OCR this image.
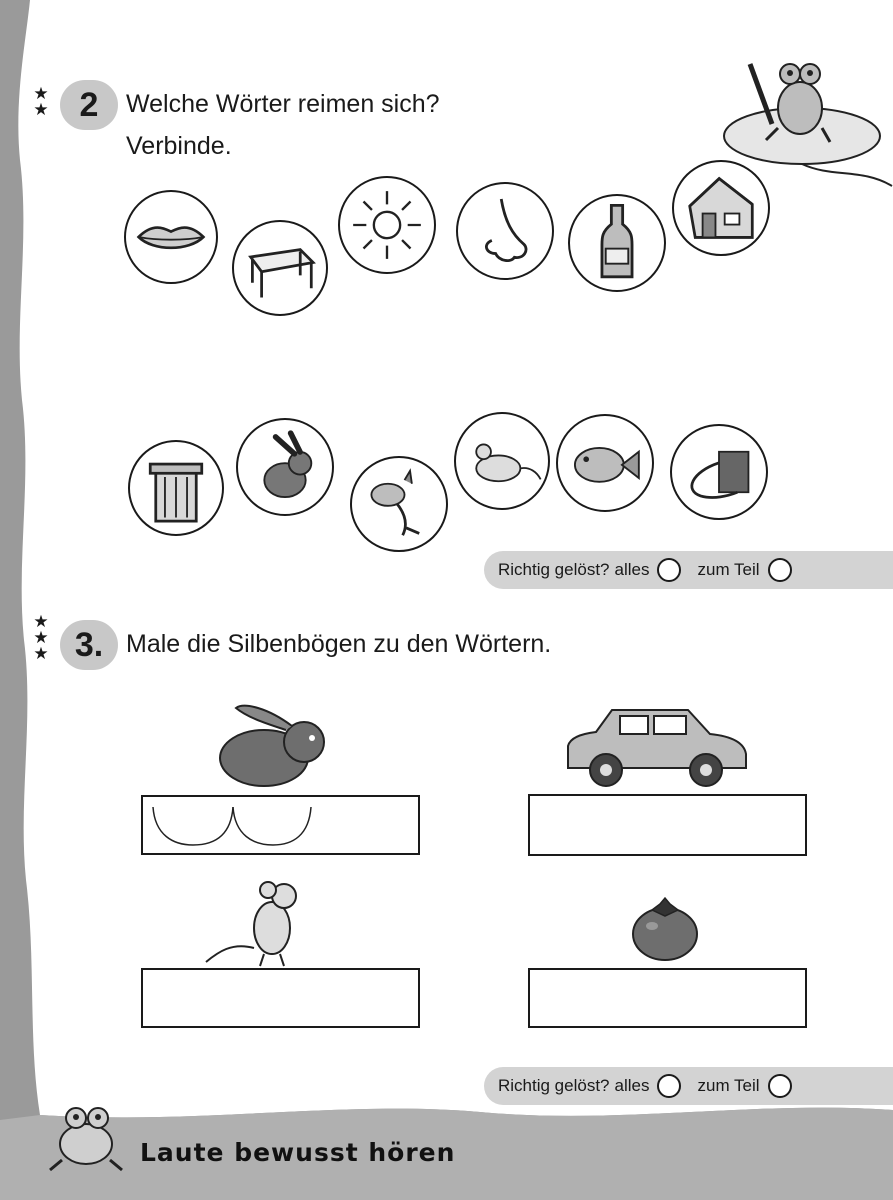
★
★ 2	Welche Wörter reimen sich?
Verbinde.
Richtig gelöst? alles	zum Teil
★
★
★ 3. Male die Silbenbögen zu den Wörtern.
Richtig gelöst? alles	zum Teil
Laute bewusst hören
